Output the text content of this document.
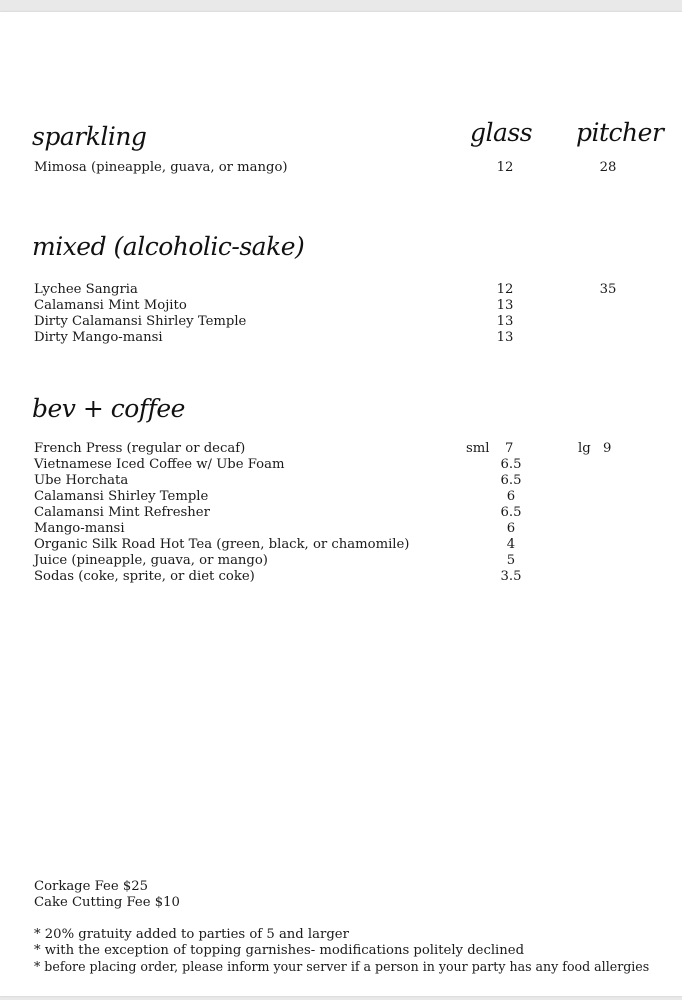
sparkling	glass pitcher
Mimosa (pineapple, guava, or mango)	12	28
mixed (alcoholic-sake)
Lychee Sangria	12	35
Calamansi Mint Mojito	13
Dirty Calamansi Shirley Temple	13
Dirty Mango-mansi	13
bev + coffee
French Press (regular or decaf)	sml 7	lg 9
Vietnamese Iced Coffee w/ Ube Foam	6.5
Ube Horchata	6.5
Calamansi Shirley Temple	6
Calamansi Mint Refresher	6.5
Mango-mansi	6
Organic Silk Road Hot Tea (green, black, or chamomile)	4
Juice (pineapple, guava, or mango)	5
Sodas (coke, sprite, or diet coke)	3.5
Corkage Fee $25
Cake Cutting Fee $10
* 20% gratuity added to parties of 5 and larger
* with the exception of topping garnishes- modifications politely declined
* before placing order, please inform your server if a person in your party has any food allergies
